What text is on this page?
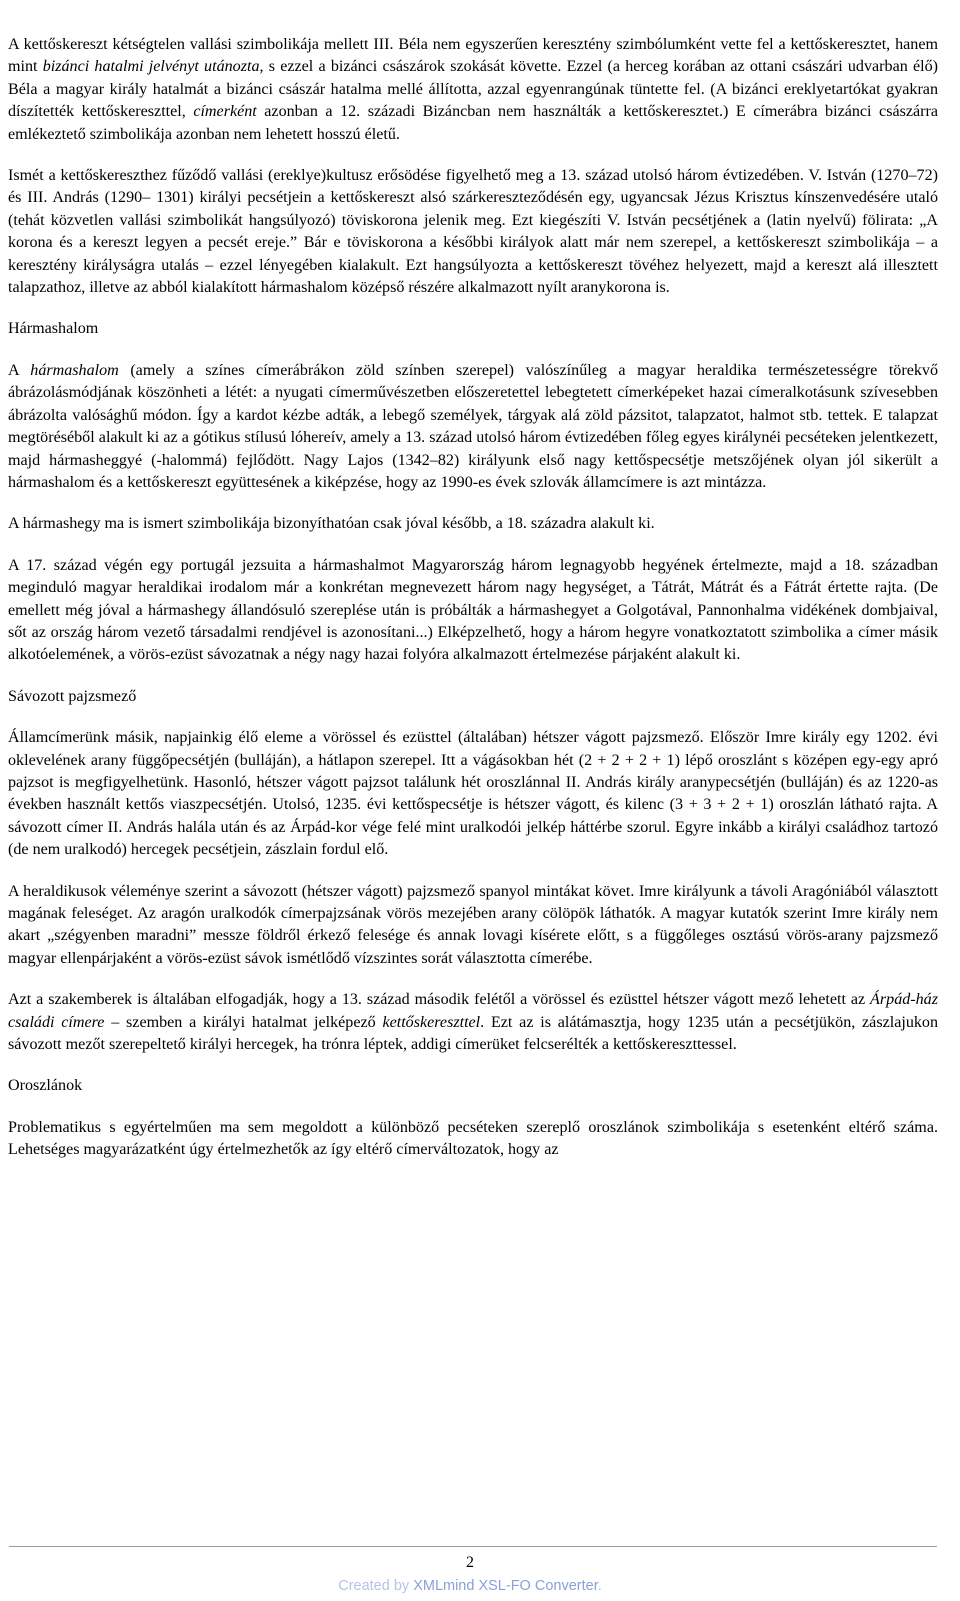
A kettőskereszt kétségtelen vallási szimbolikája mellett III. Béla nem egyszerűen keresztény szimbólumként vette fel a kettőskeresztet, hanem mint bizánci hatalmi jelvényt utánozta, s ezzel a bizánci császárok szokását követte. Ezzel (a herceg korában az ottani császári udvarban élő) Béla a magyar király hatalmát a bizánci császár hatalma mellé állította, azzal egyenrangúnak tüntette fel. (A bizánci ereklyetartókat gyakran díszítették kettőskereszttel, címerként azonban a 12. századi Bizáncban nem használták a kettőskeresztet.) E címerábra bizánci császárra emlékeztető szimbolikája azonban nem lehetett hosszú életű.

Ismét a kettőskereszthez fűződő vallási (ereklye)kultusz erősödése figyelhető meg a 13. század utolsó három évtizedében. V. István (1270–72) és III. András (1290– 1301) királyi pecsétjein a kettőskereszt alsó szárkereszteződésén egy, ugyancsak Jézus Krisztus kínszenvedésére utaló (tehát közvetlen vallási szimbolikát hangsúlyozó) töviskorona jelenik meg. Ezt kiegészíti V. István pecsétjének a (latin nyelvű) fölirata: „A korona és a kereszt legyen a pecsét ereje.” Bár e töviskorona a későbbi királyok alatt már nem szerepel, a kettőskereszt szimbolikája – a keresztény királyságra utalás – ezzel lényegében kialakult. Ezt hangsúlyozta a kettőskereszt tövéhez helyezett, majd a kereszt alá illesztett talapzathoz, illetve az abból kialakított hármashalom középső részére alkalmazott nyílt aranykorona is.

Hármashalom

A hármashalom (amely a színes címerábrákon zöld színben szerepel) valószínűleg a magyar heraldika természetességre törekvő ábrázolásmódjának köszönheti a létét: a nyugati címerművészetben előszeretettel lebegtetett címerképeket hazai címeralkotásunk szívesebben ábrázolta valósághű módon. Így a kardot kézbe adták, a lebegő személyek, tárgyak alá zöld pázsitot, talapzatot, halmot stb. tettek. E talapzat megtöréséből alakult ki az a gótikus stílusú lóhereív, amely a 13. század utolsó három évtizedében főleg egyes királynéi pecséteken jelentkezett, majd hármasheggyé (-halommá) fejlődött. Nagy Lajos (1342–82) királyunk első nagy kettőspecsétje metszőjének olyan jól sikerült a hármashalom és a kettőskereszt együttesének a kiképzése, hogy az 1990-es évek szlovák államcímere is azt mintázza.

A hármashegy ma is ismert szimbolikája bizonyíthatóan csak jóval később, a 18. századra alakult ki.

A 17. század végén egy portugál jezsuita a hármashalmot Magyarország három legnagyobb hegyének értelmezte, majd a 18. században meginduló magyar heraldikai irodalom már a konkrétan megnevezett három nagy hegységet, a Tátrát, Mátrát és a Fátrát értette rajta. (De emellett még jóval a hármashegy állandósuló szereplése után is próbálták a hármashegyet a Golgotával, Pannonhalma vidékének dombjaival, sőt az ország három vezető társadalmi rendjével is azonosítani...) Elképzelhető, hogy a három hegyre vonatkoztatott szimbolika a címer másik alkotóelemének, a vörös-ezüst sávozatnak a négy nagy hazai folyóra alkalmazott értelmezése párjaként alakult ki.

Sávozott pajzsmező

Államcímerünk másik, napjainkig élő eleme a vörössel és ezüsttel (általában) hétszer vágott pajzsmező. Először Imre király egy 1202. évi oklevelének arany függőpecsétjén (bulláján), a hátlapon szerepel. Itt a vágásokban hét (2 + 2 + 2 + 1) lépő oroszlánt s középen egy-egy apró pajzsot is megfigyelhetünk. Hasonló, hétszer vágott pajzsot találunk hét oroszlánnal II. András király aranypecsétjén (bulláján) és az 1220-as években használt kettős viaszpecsétjén. Utolsó, 1235. évi kettőspecsétje is hétszer vágott, és kilenc (3 + 3 + 2 + 1) oroszlán látható rajta. A sávozott címer II. András halála után és az Árpád-kor vége felé mint uralkodói jelkép háttérbe szorul. Egyre inkább a királyi családhoz tartozó (de nem uralkodó) hercegek pecsétjein, zászlain fordul elő.

A heraldikusok véleménye szerint a sávozott (hétszer vágott) pajzsmező spanyol mintákat követ. Imre királyunk a távoli Aragóniából választott magának feleséget. Az aragón uralkodók címerpajzsának vörös mezejében arany cölöpök láthatók. A magyar kutatók szerint Imre király nem akart „szégyenben maradni” messze földről érkező felesége és annak lovagi kísérete előtt, s a függőleges osztású vörös-arany pajzsmező magyar ellenpárjaként a vörös-ezüst sávok ismétlődő vízszintes sorát választotta címerébe.

Azt a szakemberek is általában elfogadják, hogy a 13. század második felétől a vörössel és ezüsttel hétszer vágott mező lehetett az Árpád-ház családi címere – szemben a királyi hatalmat jelképező kettőskereszttel. Ezt az is alátámasztja, hogy 1235 után a pecsétjükön, zászlajukon sávozott mezőt szerepeltető királyi hercegek, ha trónra léptek, addigi címerüket felcserélték a kettőskereszttessel.

Oroszlánok

Problematikus s egyértelműen ma sem megoldott a különböző pecséteken szereplő oroszlánok szimbolikája s esetenként eltérő száma. Lehetséges magyarázatként úgy értelmezhetők az így eltérő címerváltozatok, hogy az

2
Created by XMLmind XSL-FO Converter.
